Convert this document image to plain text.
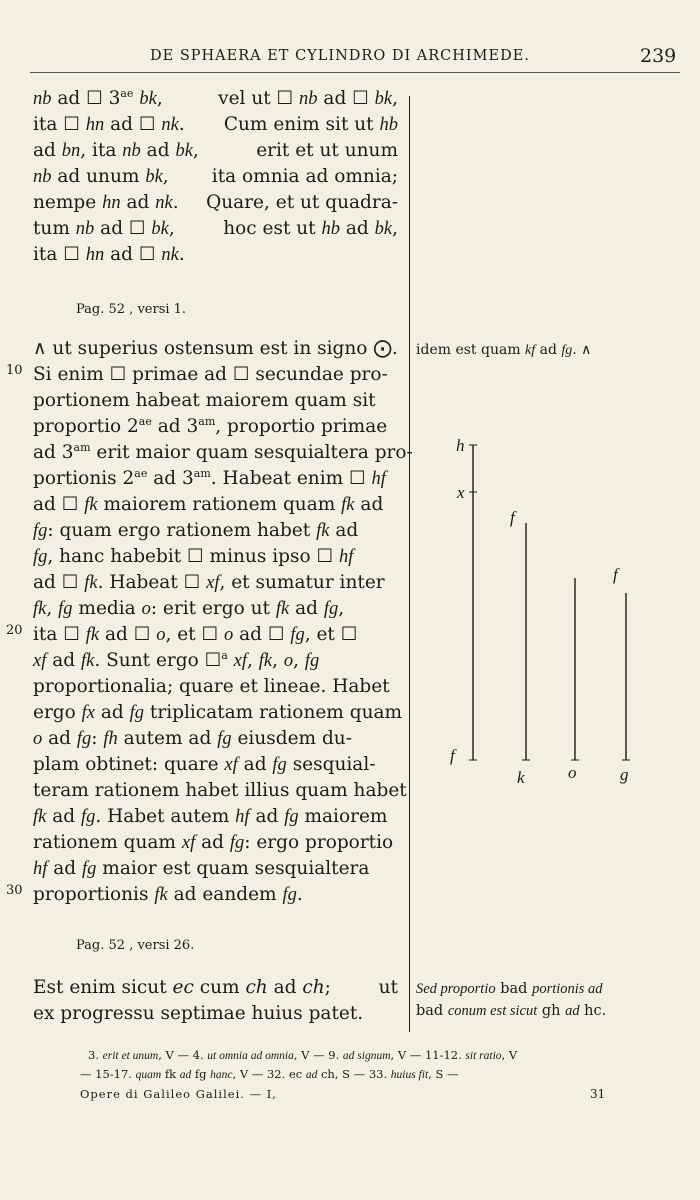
DE SPHAERA ET CYLINDRO DI ARCHIMEDE.	239
nb ad ☐ $3^{ae}$ bk,	vel ut ☐ nb ad ☐ bk,
ita ☐ hn ad ☐ nk. Cum enim sit ut hb
ad bn, ita nb ad bk,	erit et ut unum
nb ad unum bk, ita omnia ad omnia;
nempe hn ad nk. Quare, et ut quadra-
tum nb ad ☐ bk,	hoc est ut hb ad bk,
ita ☐ hn ad ☐ nk.
Pag. 52 , versi 1.
∧ ut superius ostensum est in signo ⨀.
Si enim ☐ primae ad ☐ secundae pro-
portionem habeat maiorem quam sit
proportio $2^{ae}$ ad $3^{am}$, proportio primae
ad $3^{am}$ erit maior quam sesquialtera pro-
portionis $2^{ae}$ ad $3^{am}$. Habeat enim ☐ hf
ad ☐ fk maiorem rationem quam fk ad
fg: quam ergo rationem habet fk ad
fg, hanc habebit ☐ minus ipso ☐ hf
ad ☐ fk. Habeat ☐ xf, et sumatur inter
fk, fg media o: erit ergo ut fk ad fg,
ita ☐ fk ad ☐ o, et ☐ o ad ☐ fg, et ☐
xf ad fk. Sunt ergo ☐$^a$ xf, fk, o, fg
proportionalia; quare et lineae. Habet
ergo fx ad fg triplicatam rationem quam
o ad fg: fh autem ad fg eiusdem du-
plam obtinet: quare xf ad fg sesquial-
teram rationem habet illius quam habet
fk ad fg. Habet autem hf ad fg maiorem
rationem quam xf ad fg: ergo proportio
hf ad fg maior est quam sesquialtera
proportionis fk ad eandem fg.
10
20
30
idem est quam kf ad fg. ∧
h
x
f
f
f
k	o	g
Pag. 52 , versi 26.
Est enim sicut ec cum ch ad ch;	ut
ex progressu septimae huius patet.
Sed proportio bad portionis ad
bad conum est sicut gh ad hc.
3. erit et unum, V — 4. ut omnia ad omnia, V — 9. ad signum, V — 11-12. sit ratio, V
— 15-17. quam fk ad fg hanc, V — 32. ec ad ch, S — 33. huius fit, S —
Opere di Galileo Galilei. — I,	31
